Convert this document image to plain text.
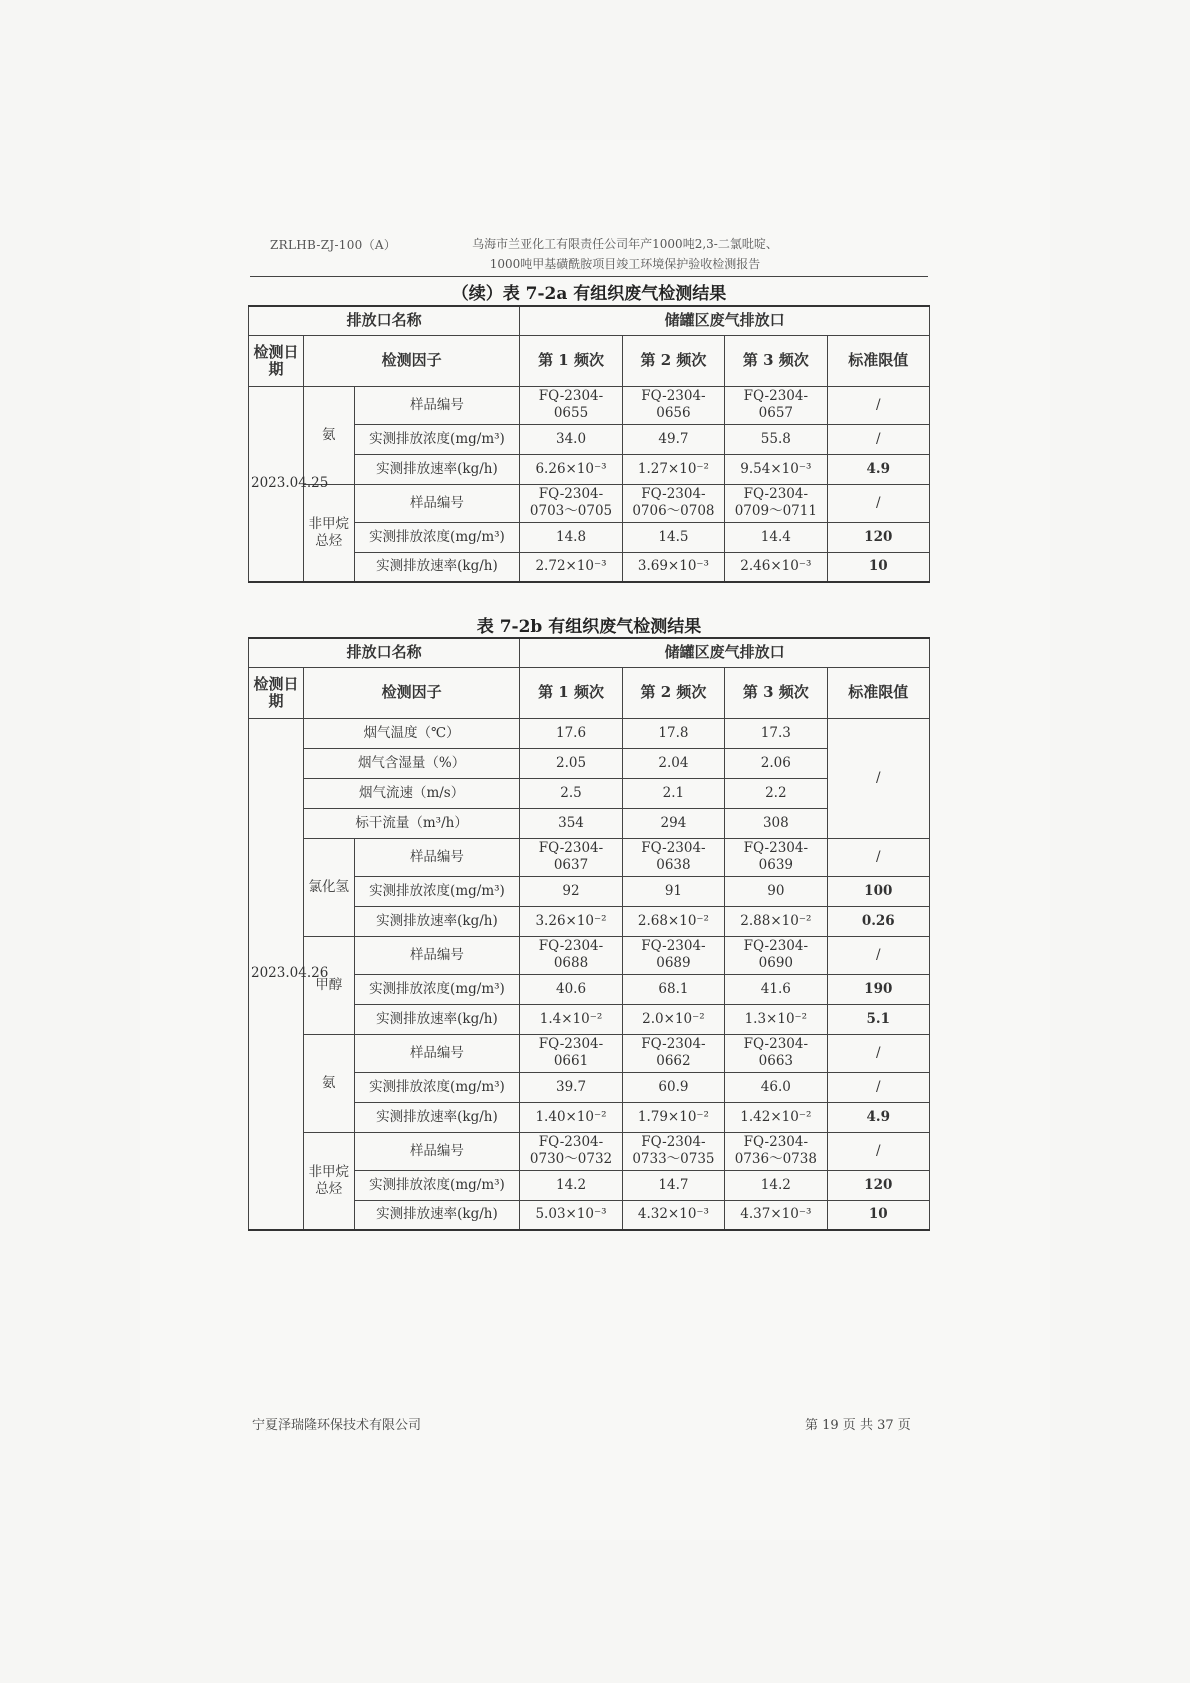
ZRLHB-ZJ-100（A）	乌海市兰亚化工有限责任公司年产1000吨2,3-二氯吡啶、
1000吨甲基磺酰胺项目竣工环境保护验收检测报告
（续）表 7-2a 有组织废气检测结果
排放口名称			储罐区废气排放口			
检测日期	检测因子		第 1 频次	第 2 频次	第 3 频次	标准限值
2023.04.25	氨	样品编号	FQ-2304-0655	FQ-2304-0656	FQ-2304-0657	/
		实测排放浓度(mg/m³)	34.0	49.7	55.8	/
		实测排放速率(kg/h)	6.26×10⁻³	1.27×10⁻²	9.54×10⁻³	4.9
	非甲烷总烃	样品编号	FQ-2304-0703～0705	FQ-2304-0706～0708	FQ-2304-0709～0711	/
		实测排放浓度(mg/m³)	14.8	14.5	14.4	120
		实测排放速率(kg/h)	2.72×10⁻³	3.69×10⁻³	2.46×10⁻³	10
表 7-2b 有组织废气检测结果
排放口名称			储罐区废气排放口			
检测日期	检测因子		第 1 频次	第 2 频次	第 3 频次	标准限值
2023.04.26	烟气温度（℃）		17.6	17.8	17.3	/
	烟气含湿量（%）		2.05	2.04	2.06	
	烟气流速（m/s）		2.5	2.1	2.2	
	标干流量（m³/h）		354	294	308	
	氯化氢	样品编号	FQ-2304-0637	FQ-2304-0638	FQ-2304-0639	/
		实测排放浓度(mg/m³)	92	91	90	100
		实测排放速率(kg/h)	3.26×10⁻²	2.68×10⁻²	2.88×10⁻²	0.26
	甲醇	样品编号	FQ-2304-0688	FQ-2304-0689	FQ-2304-0690	/
		实测排放浓度(mg/m³)	40.6	68.1	41.6	190
		实测排放速率(kg/h)	1.4×10⁻²	2.0×10⁻²	1.3×10⁻²	5.1
	氨	样品编号	FQ-2304-0661	FQ-2304-0662	FQ-2304-0663	/
		实测排放浓度(mg/m³)	39.7	60.9	46.0	/
		实测排放速率(kg/h)	1.40×10⁻²	1.79×10⁻²	1.42×10⁻²	4.9
	非甲烷总烃	样品编号	FQ-2304-0730～0732	FQ-2304-0733～0735	FQ-2304-0736～0738	/
		实测排放浓度(mg/m³)	14.2	14.7	14.2	120
		实测排放速率(kg/h)	5.03×10⁻³	4.32×10⁻³	4.37×10⁻³	10
宁夏泽瑞隆环保技术有限公司	第 19 页 共 37 页
